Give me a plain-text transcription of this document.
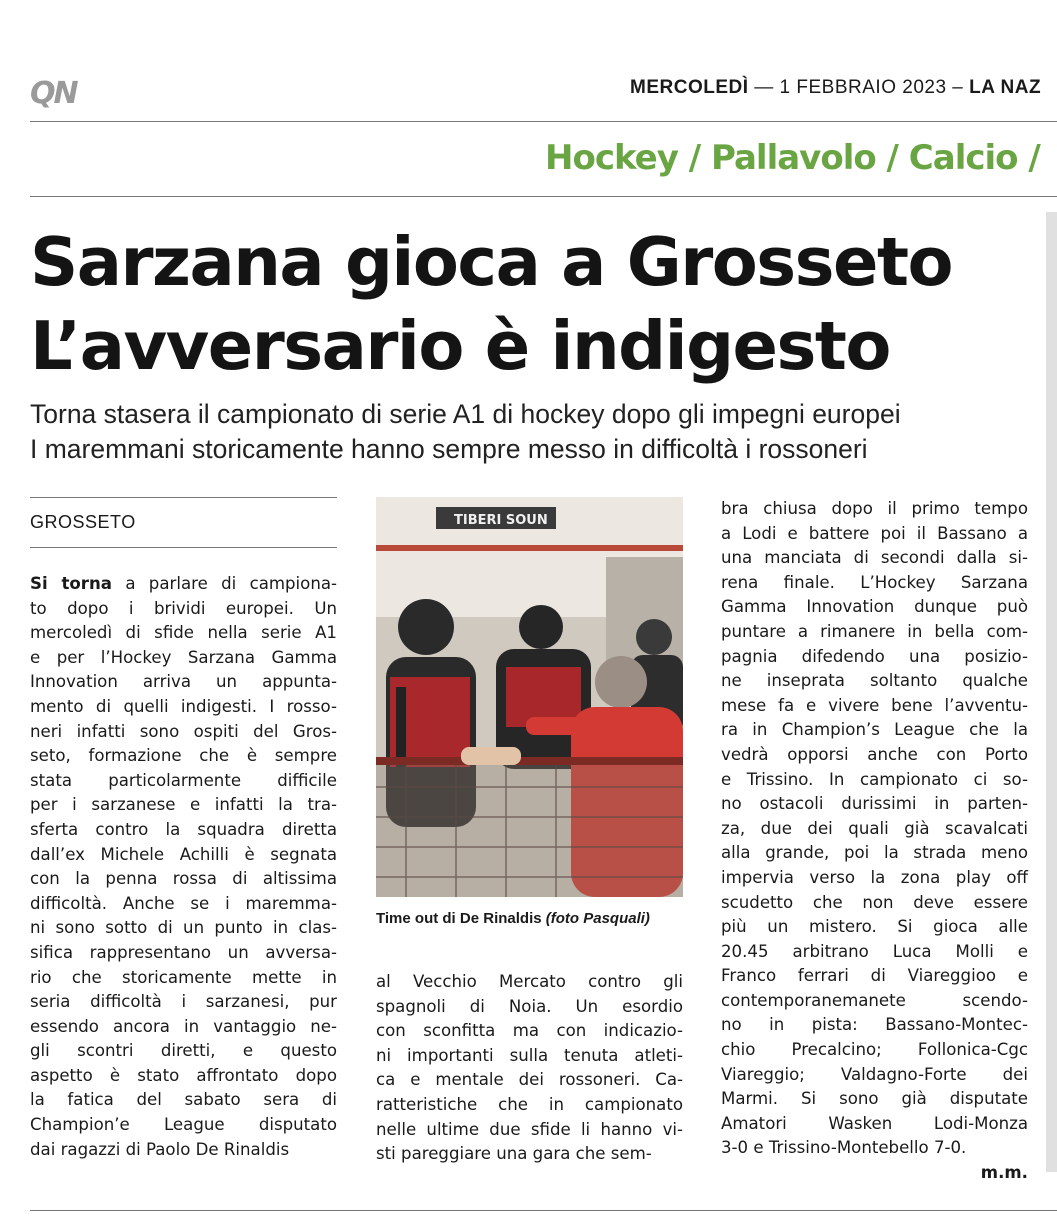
QN	MERCOLEDÌ — 1 FEBBRAIO 2023 – LA NAZ
Hockey / Pallavolo / Calcio /
Sarzana gioca a Grosseto
L’avversario è indigesto

Torna stasera il campionato di serie A1 di hockey dopo gli impegni europei
I maremmani storicamente hanno sempre messo in difficoltà i rossoneri

GROSSETO

Si torna a parlare di campiona-
to dopo i brividi europei. Un
mercoledì di sfide nella serie A1
e per l’Hockey Sarzana Gamma
Innovation arriva un appunta-
mento di quelli indigesti. I rosso-
neri infatti sono ospiti del Gros-
seto, formazione che è sempre
stata particolarmente difficile
per i sarzanese e infatti la tra-
sferta contro la squadra diretta
dall’ex Michele Achilli è segnata
con la penna rossa di altissima
difficoltà. Anche se i maremma-
ni sono sotto di un punto in clas-
sifica rappresentano un avversa-
rio che storicamente mette in
seria difficoltà i sarzanesi, pur
essendo ancora in vantaggio ne-
gli scontri diretti, e questo
aspetto è stato affrontato dopo
la fatica del sabato sera di
Champion’e League disputato
dai ragazzi di Paolo De Rinaldis

TIBERI SOUN
Time out di De Rinaldis (foto Pasquali)

al Vecchio Mercato contro gli
spagnoli di Noia. Un esordio
con sconfitta ma con indicazio-
ni importanti sulla tenuta atleti-
ca e mentale dei rossoneri. Ca-
ratteristiche che in campionato
nelle ultime due sfide li hanno vi-
sti pareggiare una gara che sem-

bra chiusa dopo il primo tempo
a Lodi e battere poi il Bassano a
una manciata di secondi dalla si-
rena finale. L’Hockey Sarzana
Gamma Innovation dunque può
puntare a rimanere in bella com-
pagnia difedendo una posizio-
ne inseprata soltanto qualche
mese fa e vivere bene l’avventu-
ra in Champion’s League che la
vedrà opporsi anche con Porto
e Trissino. In campionato ci so-
no ostacoli durissimi in parten-
za, due dei quali già scavalcati
alla grande, poi la strada meno
impervia verso la zona play off
scudetto che non deve essere
più un mistero. Si gioca alle
20.45 arbitrano Luca Molli e
Franco ferrari di Viareggioo e
contemporanemanete scendo-
no in pista: Bassano-Montec-
chio Precalcino; Follonica-Cgc
Viareggio; Valdagno-Forte dei
Marmi. Si sono già disputate
Amatori Wasken Lodi-Monza
3-0 e Trissino-Montebello 7-0.
m.m.
